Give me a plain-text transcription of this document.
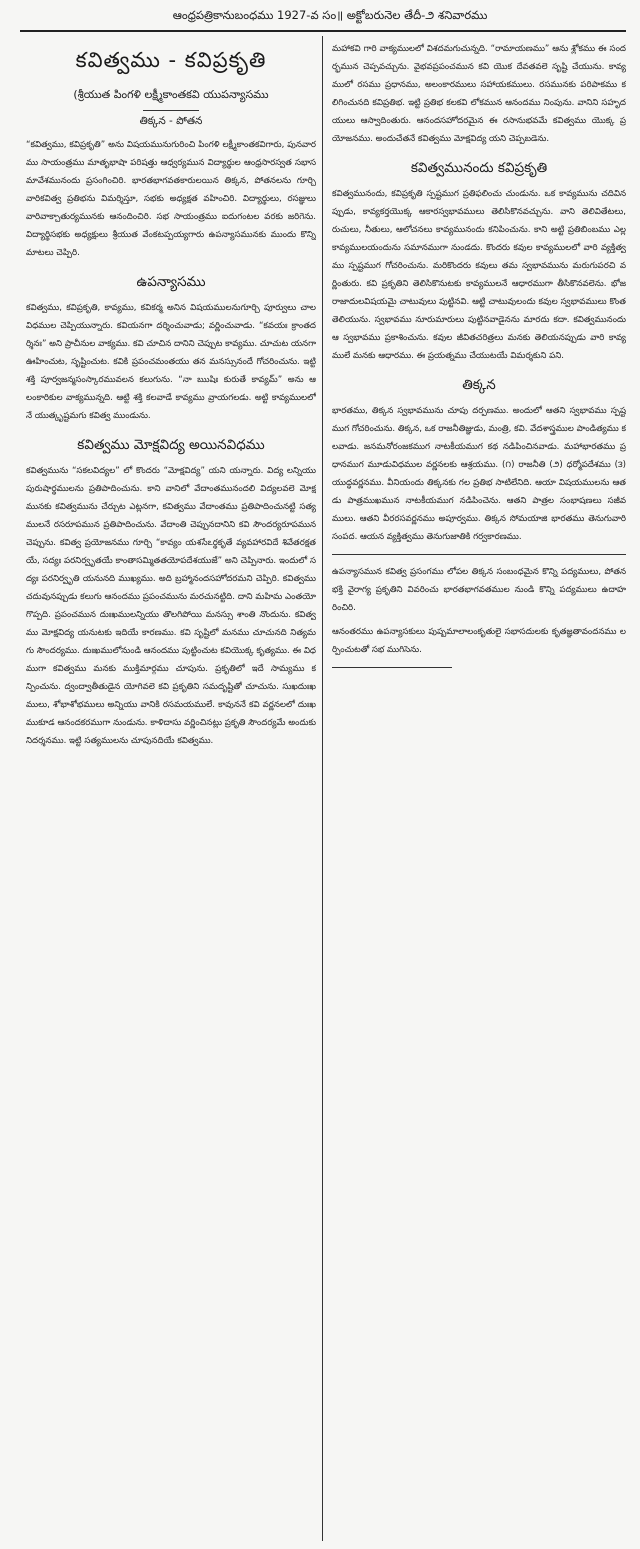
ఆంధ్రపత్రికానుబంధము 1927-వ సం॥ అక్టోబరునెల తేదీ-౨ శనివారము
కవిత్వము - కవిప్రకృతి
(శ్రీయుత పింగళి లక్ష్మీకాంతకవి యుపన్యాసము
తిక్కన - పోతన

“కవిత్వము, కవిప్రకృతి” అను విషయమునుగురించి పింగళి లక్ష్మీకాంతకవిగారు, పునవారము సాయంత్రము మాతృభాషా పరిషత్తు ఆధ్వర్యమున విద్యార్థుల ఆంధ్రసారస్వత సభాసమావేశమునందు ప్రసంగించిరి. భారతభాగవతకారులయిన తిక్కన, పోతనలను గూర్చి వారికవిత్వ ప్రతిభను విమర్శిస్తూ, సభకు అధ్యక్షత వహించిరి. విద్యార్థులు, రసజ్ఞులు వారివాక్చాతుర్యమునకు ఆనందించిరి. సభ సాయంత్రము ఐదుగంటల వరకు జరిగెను. విద్యార్థిసభకు అధ్యక్షులు శ్రీయుత వేంకటప్పయ్యగారు ఉపన్యాసమునకు ముందు కొన్ని మాటలు చెప్పిరి.

ఉపన్యాసము

కవిత్వము, కవిప్రకృతి, కావ్యము, కవికర్మ అనిన విషయములనుగూర్చి పూర్వులు చాలవిధముల చెప్పియున్నారు. కవియనగా దర్శించువాడు; వర్ణించువాడు. “కవయః క్రాంతదర్శినః” అని ప్రాచీనుల వాక్యము. కవి చూచిన దానిని చెప్పుట కావ్యము. చూచుట యనగా ఊహించుట, సృష్టించుట. కవికి ప్రపంచమంతయు తన మనస్సునందే గోచరించును. ఇట్టి శక్తి పూర్వజన్మసంస్కారమువలన కలుగును. “నా ఋషిః కురుతే కావ్యమ్” అను ఆలంకారికుల వాక్యమున్నది. ఆట్టి శక్తి కలవాడే కావ్యము వ్రాయగలడు. అట్టి కావ్యములలో నే యుత్కృష్టమగు కవిత్వ ముండును.

కవిత్వము మోక్షవిద్య అయినవిధము

కవిత్వమును “సకలవిద్యల” లో కొందరు “మోక్షవిద్య” యని యన్నారు. విద్య లన్నియు పురుషార్థములను ప్రతిపాదించును. కాని వానిలో వేదాంతమునందలి విద్యలవలె మోక్షమునకు కవిత్వమును చేర్చుట ఎట్లనగా, కవిత్వము వేదాంతము ప్రతిపాదించునట్టి సత్యములనే రసరూపమున ప్రతిపాదించును. వేదాంతి చెప్పునదానిని కవి సౌందర్యరూపమున చెప్పును. కవిత్వ ప్రయోజనము గూర్చి “కావ్యం యశసేఽర్థకృతే వ్యవహారవిదే శివేతరక్షతయే, సద్యః పరనిర్వృతయే కాంతాసమ్మితతయోపదేశయుజే” అని చెప్పినారు. ఇందులో సద్యః పరనిర్వృతి యనునది ముఖ్యము. అది బ్రహ్మానందసహోదరమని చెప్పిరి. కవిత్వము చదువునప్పుడు కలుగు ఆనందము ప్రపంచమును మరచునట్టిది. దాని మహిమ ఎంతయో గొప్పది. ప్రపంచమున దుఃఖములన్నియు తొలగిపోయి మనస్సు శాంతి నొందును. కవిత్వము మోక్షవిద్య యనుటకు ఇదియే కారణము. కవి సృష్టిలో మనము చూచునది నిత్యమగు సౌందర్యము. దుఃఖములోనుండి ఆనందము పుట్టించుట కవియొక్క కృత్యము. ఈ విధముగా కవిత్వము మనకు ముక్తిమార్గము చూపును. ప్రకృతిలో ఇదే సామ్యము కన్పించును. ద్వంద్వాతీతుడైన యోగివలె కవి ప్రకృతిని సమదృష్టితో చూచును. సుఖదుఃఖములు, శోభాశోభములు అన్నియు వానికి రసమయములే. కావుననే కవి వర్ణనలలో దుఃఖముకూడ ఆనందకరముగా నుండును. కాళిదాసు వర్ణించినట్లు ప్రకృతి సౌందర్యమే అందుకు నిదర్శనము. ఇట్టి సత్యములను చూపునదియే కవిత్వము.

మహాకవి గారి వాక్యములలో విశదమగుచున్నది. “రామాయణము” ఆను శ్లోకము ఈ సందర్భమున చెప్పవచ్చును. వైభవప్రపంచమున కవి యొక దేవతవలె సృష్టి చేయును. కావ్యములో రసము ప్రధానము, అలంకారములు సహాయకములు. రసమునకు పరిపాకము కలిగించునది కవిప్రతిభ. ఇట్టి ప్రతిభ కలకవి లోకమున ఆనందము నింపును. వానిని సహృదయులు ఆస్వాదింతురు. ఆనందసహోదరమైన ఈ రసానుభవమే కవిత్వము యొక్క ప్రయోజనము. అందుచేతనే కవిత్వము మోక్షవిద్య యని చెప్పబడెను.

కవిత్వమునందు కవిప్రకృతి

కవిత్వమునందు, కవిప్రకృతి స్పష్టముగ ప్రతిఫలించు చుండును. ఒక కావ్యమును చదివినప్పుడు, కావ్యకర్తయొక్క ఆకారస్వభావములు తెలిసికొనవచ్చును. వాని తెలివితేటలు, రుచులు, నీతులు, ఆలోచనలు కావ్యమునందు కనిపించును. కాని అట్టి ప్రతిబింబము ఎల్ల కావ్యములయందును సమానముగా నుండదు. కొందరు కవుల కావ్యములలో వారి వ్యక్తిత్వము స్పష్టముగ గోచరించును. మరికొందరు కవులు తమ స్వభావమును మరుగుపరచి వర్ణింతురు. కవి ప్రకృతిని తెలిసికొనుటకు కావ్యములనే ఆధారముగా తీసికొనవలెను. భోజరాజాదులవిషయమై చాటువులు పుట్టినవి. ఆట్టి చాటువులందు కవుల స్వభావములు కొంత తెలియును. స్వభావము నూరుమారులు పుట్టినవాడైనను మారదు కదా. కవిత్వమునందు ఆ స్వభావము ప్రకాశించును. కవుల జీవితచరిత్రలు మనకు తెలియనప్పుడు వారి కావ్యములే మనకు ఆధారము. ఈ ప్రయత్నము చేయుటయే విమర్శకుని పని.

తిక్కన

భారతము, తిక్కన స్వభావమును చూపు దర్పణము. అందులో ఆతని స్వభావము స్పష్టముగ గోచరించును. తిక్కన, ఒక రాజనీతిజ్ఞుడు, మంత్రి, కవి. వేదశాస్త్రముల పాండిత్యము కలవాడు. జనమనోరంజకముగ నాటకీయముగ కథ నడిపించినవాడు. మహాభారతము ప్రధానముగ మూడువిధముల వర్ణనలకు ఆశ్రయము. (౧) రాజనీతి (౨) ధర్మోపదేశము (౩) యుద్ధవర్ణనము. వీనియందు తిక్కనకు గల ప్రతిభ సాటిలేనిది. ఆయా విషయములను ఆతడు పాత్రముఖమున నాటకీయముగ నడిపించెను. ఆతని పాత్రల సంభాషణలు సజీవములు. ఆతని వీరరసవర్ణనము అపూర్వము. తిక్కన సోమయాజి భారతము తెనుగువారి సంపద. ఆయన వ్యక్తిత్వము తెనుగుజాతికి గర్వకారణము.

ఉపన్యాసమున కవిత్వ ప్రసంగము లోపల తిక్కన సంబంధమైన కొన్ని పద్యములు, పోతన భక్తి వైరాగ్య ప్రకృతిని వివరించు భారతభాగవతముల నుండి కొన్ని పద్యములు ఉదాహరించిరి.

ఆనంతరము ఉపన్యాసకులు పుష్పమాలాలంకృతులై సభాసదులకు కృతజ్ఞతావందనము లర్పించుటతో సభ ముగిసెను.
